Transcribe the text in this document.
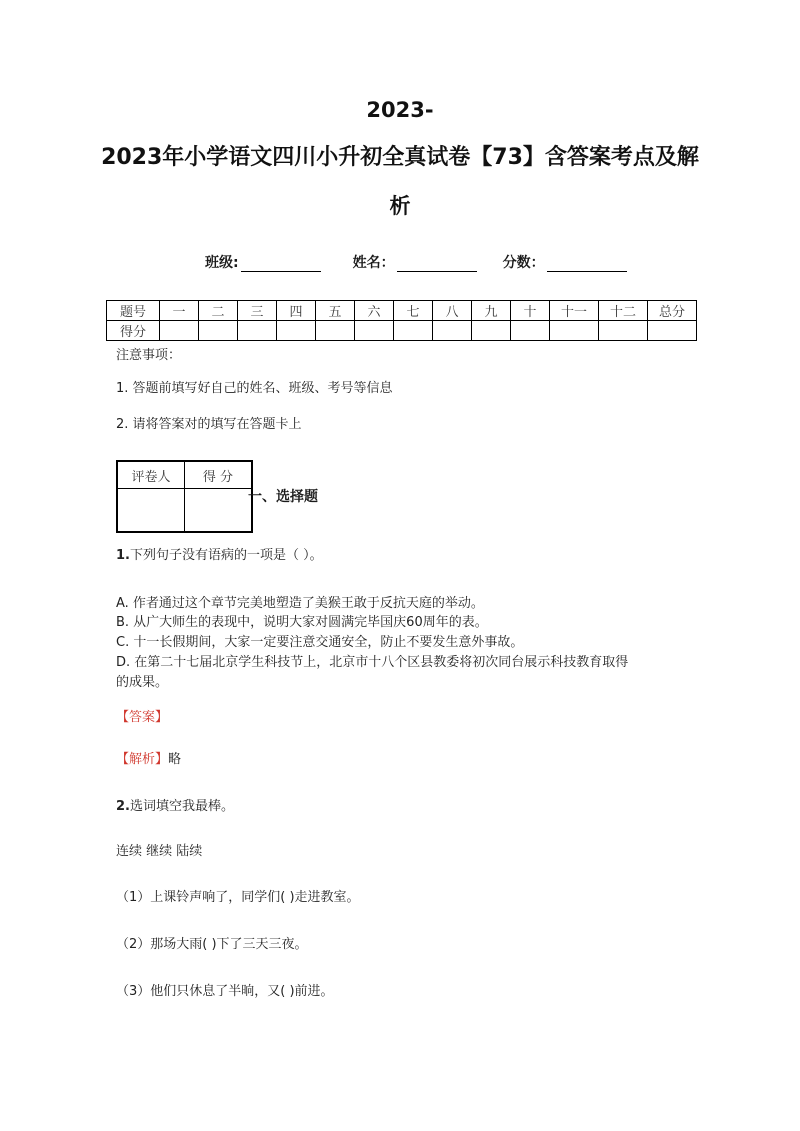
2023-
2023年小学语文四川小升初全真试卷【73】含答案考点及解
析
班级:	姓名：	分数：
题号	一	二	三	四	五	六	七	八	九	十	十一	十二	总分
得分													
注意事项：
1. 答题前填写好自己的姓名、班级、考号等信息
2. 请将答案对的填写在答题卡上
评卷人	得 分

一、选择题
1.下列句子没有语病的一项是（ ）。
A. 作者通过这个章节完美地塑造了美猴王敢于反抗天庭的举动。
B. 从广大师生的表现中，说明大家对圆满完毕国庆60周年的表。
C. 十一长假期间，大家一定要注意交通安全，防止不要发生意外事故。
D. 在第二十七届北京学生科技节上，北京市十八个区县教委将初次同台展示科技教育取得
的成果。
【答案】
【解析】略
2.选词填空我最棒。
连续 继续 陆续
（1）上课铃声响了，同学们( )走进教室。
（2）那场大雨( )下了三天三夜。
（3）他们只休息了半晌，又( )前进。
